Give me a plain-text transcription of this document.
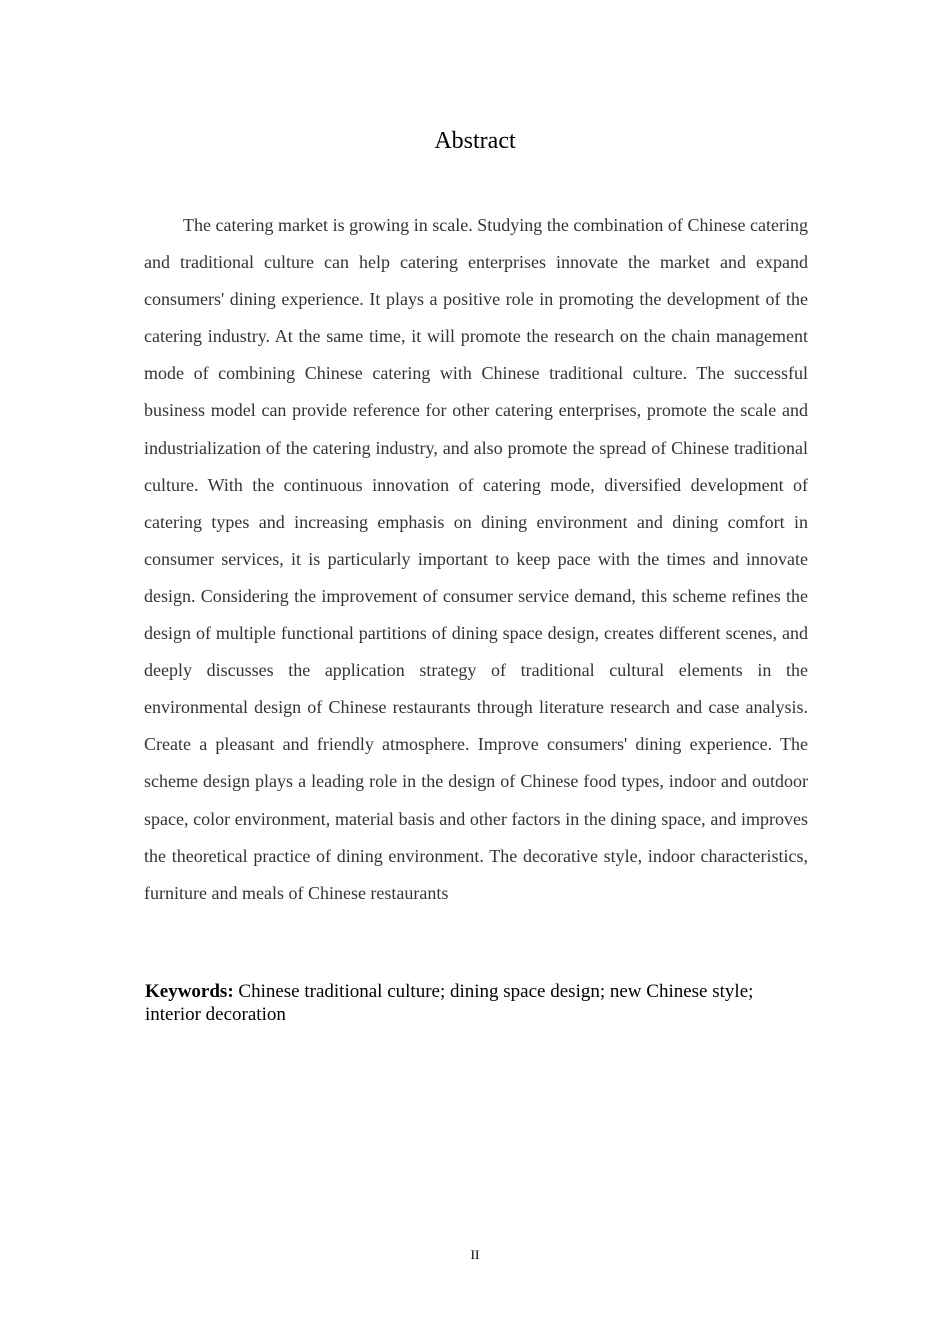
Abstract

The catering market is growing in scale. Studying the combination of Chinese catering and traditional culture can help catering enterprises innovate the market and expand consumers' dining experience. It plays a positive role in promoting the development of the catering industry. At the same time, it will promote the research on the chain management mode of combining Chinese catering with Chinese traditional culture. The successful business model can provide reference for other catering enterprises, promote the scale and industrialization of the catering industry, and also promote the spread of Chinese traditional culture. With the continuous innovation of catering mode, diversified development of catering types and increasing emphasis on dining environment and dining comfort in consumer services, it is particularly important to keep pace with the times and innovate design. Considering the improvement of consumer service demand, this scheme refines the design of multiple functional partitions of dining space design, creates different scenes, and deeply discusses the application strategy of traditional cultural elements in the environmental design of Chinese restaurants through literature research and case analysis. Create a pleasant and friendly atmosphere. Improve consumers' dining experience. The scheme design plays a leading role in the design of Chinese food types, indoor and outdoor space, color environment, material basis and other factors in the dining space, and improves the theoretical practice of dining environment. The decorative style, indoor characteristics, furniture and meals of Chinese restaurants

Keywords: Chinese traditional culture; dining space design; new Chinese style; interior decoration

II
